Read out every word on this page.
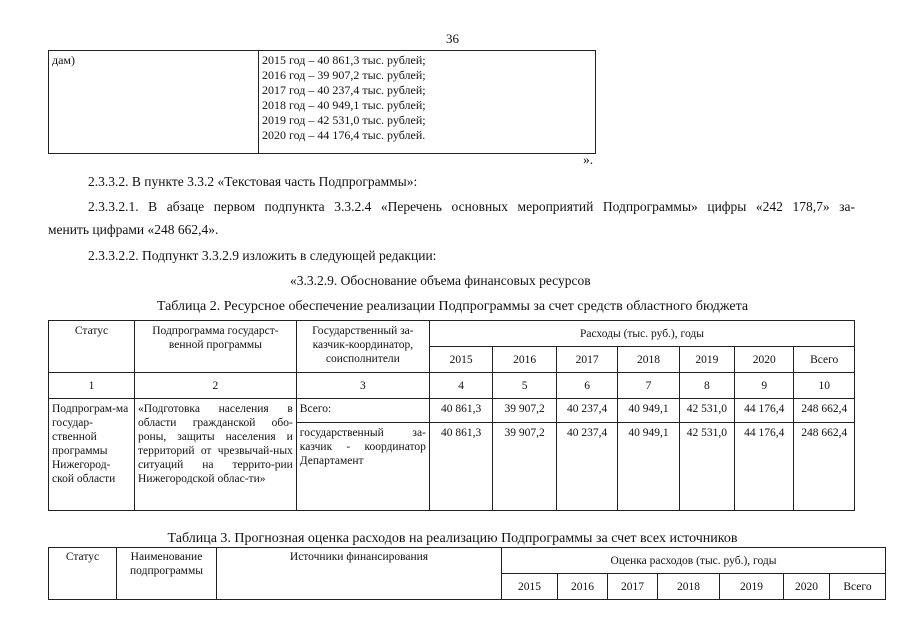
36
дам)	2015 год – 40 861,3 тыс. рублей;
2016 год – 39 907,2 тыс. рублей;
2017 год – 40 237,4 тыс. рублей;
2018 год – 40 949,1 тыс. рублей;
2019 год – 42 531,0 тыс. рублей;
2020 год – 44 176,4 тыс. рублей.
».
2.3.3.2. В пункте 3.3.2 «Текстовая часть Подпрограммы»:
2.3.3.2.1. В абзаце первом подпункта 3.3.2.4 «Перечень основных мероприятий Подпрограммы» цифры «242 178,7» за-
менить цифрами «248 662,4».
2.3.3.2.2. Подпункт 3.3.2.9 изложить в следующей редакции:
«3.3.2.9. Обоснование объема финансовых ресурсов
Таблица 2. Ресурсное обеспечение реализации Подпрограммы за счет средств областного бюджета
Статус	Подпрограмма государст-венной программы	Государственный за-казчик-координатор, соисполнители	Расходы (тыс. руб.), годы						
			2015	2016	2017	2018	2019	2020	Всего
1	2	3	4	5	6	7	8	9	10
Подпрограм-ма государ-ственной программы Нижегород-ской области	«Подготовка населения в области гражданской обо-роны, защиты населения и территорий от чрезвычай-ных ситуаций на террито-рии Нижегородской облас-ти»	Всего:	40 861,3	39 907,2	40 237,4	40 949,1	42 531,0	44 176,4	248 662,4
		государственный за-казчик - координатор Департамент	40 861,3	39 907,2	40 237,4	40 949,1	42 531,0	44 176,4	248 662,4
Таблица 3. Прогнозная оценка расходов на реализацию Подпрограммы за счет всех источников
Статус	Наименование подпрограммы	Источники финансирования	Оценка расходов (тыс. руб.), годы						
			2015	2016	2017	2018	2019	2020	Всего
